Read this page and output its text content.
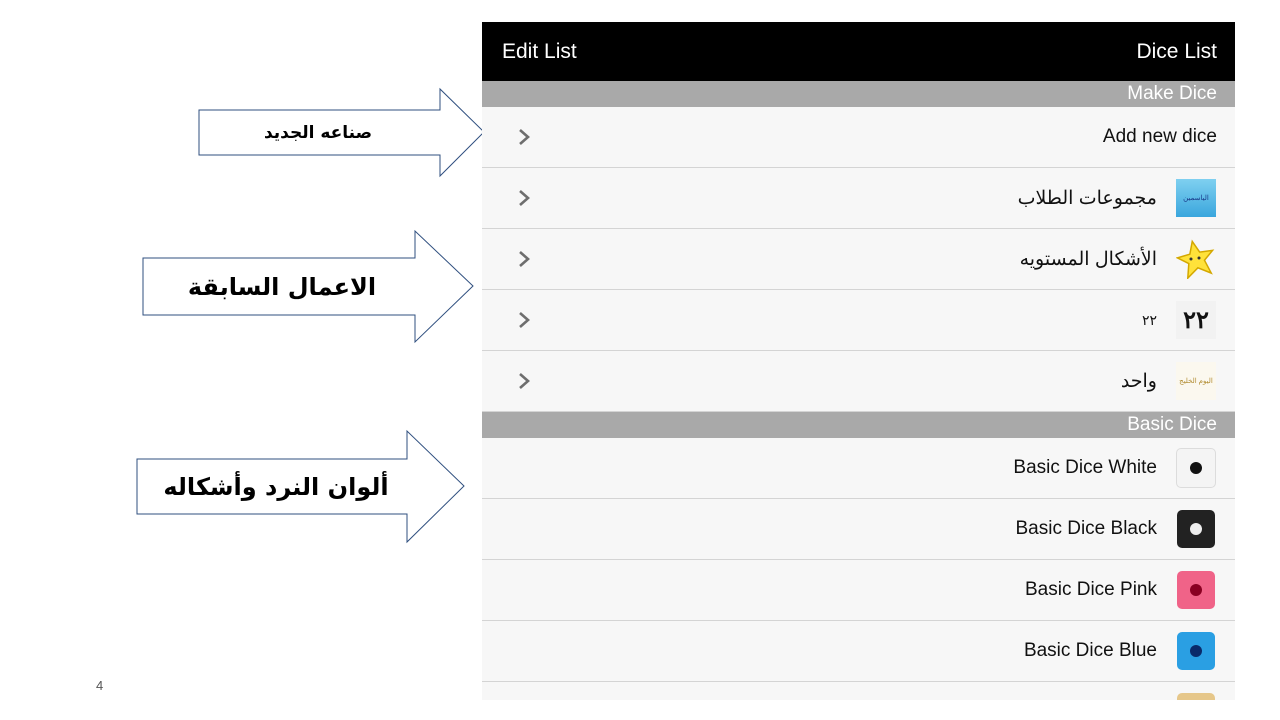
صناعه الجديد
الاعمال السابقة
ألوان النرد وأشكاله
4
Edit List	Dice List
Make Dice
Add new dice
مجموعات الطلاب	الياسمين
الأشكال المستويه
٢٢ ٢٢
واحد	اليوم الخليج
Basic Dice
Basic Dice White
Basic Dice Black
Basic Dice Pink
Basic Dice Blue
